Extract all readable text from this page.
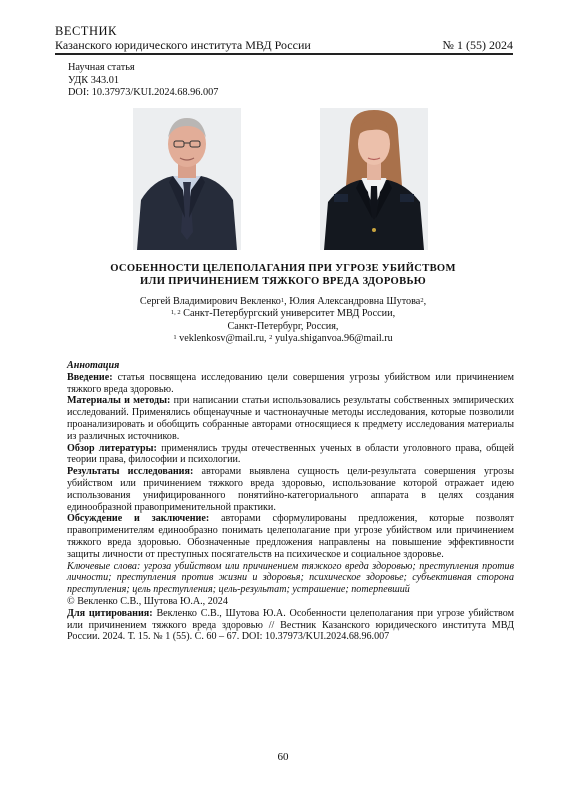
ВЕСТНИК
Казанского юридического института МВД России	№ 1 (55) 2024
Научная статья
УДК 343.01
DOI: 10.37973/KUI.2024.68.96.007
ОСОБЕННОСТИ ЦЕЛЕПОЛАГАНИЯ ПРИ УГРОЗЕ УБИЙСТВОМ
ИЛИ ПРИЧИНЕНИЕМ ТЯЖКОГО ВРЕДА ЗДОРОВЬЮ
Сергей Владимирович Векленко$^1$, Юлия Александровна Шутова$^2$,
$^{1, 2}$ Санкт-Петербургский университет МВД России,
Санкт-Петербург, Россия,
$^1$ veklenkosv@mail.ru, $^2$ yulya.shiganvoa.96@mail.ru

Аннотация

Введение: статья посвящена исследованию цели совершения угрозы убийством или причинением тяжкого вреда здоровью.

Материалы и методы: при написании статьи использовались результаты собственных эмпирических исследований. Применялись общенаучные и частнонаучные методы исследования, которые позволили проанализировать и обобщить собранные авторами относящиеся к предмету исследования материалы из различных источников.

Обзор литературы: применялись труды отечественных ученых в области уголовного права, общей теории права, философии и психологии.

Результаты исследования: авторами выявлена сущность цели-результата совершения угрозы убийством или причинением тяжкого вреда здоровью, использование которой отражает идею использования унифицированного понятийно-категориального аппарата в целях создания единообразной правоприменительной практики.

Обсуждение и заключение: авторами сформулированы предложения, которые позволят правоприменителям единообразно понимать целеполагание при угрозе убийством или причинением тяжкого вреда здоровью. Обозначенные предложения направлены на повышение эффективности защиты личности от преступных посягательств на психическое и социальное здоровье.

Ключевые слова: угроза убийством или причинением тяжкого вреда здоровью; преступления против личности; преступления против жизни и здоровья; психическое здоровье; субъективная сторона преступления; цель преступления; цель-результат; устрашение; потерпевший

© Векленко С.В., Шутова Ю.А., 2024

Для цитирования: Векленко С.В., Шутова Ю.А. Особенности целеполагания при угрозе убийством или причинением тяжкого вреда здоровью // Вестник Казанского юридического института МВД России. 2024. Т. 15. № 1 (55). С. 60 – 67. DOI: 10.37973/KUI.2024.68.96.007

60
